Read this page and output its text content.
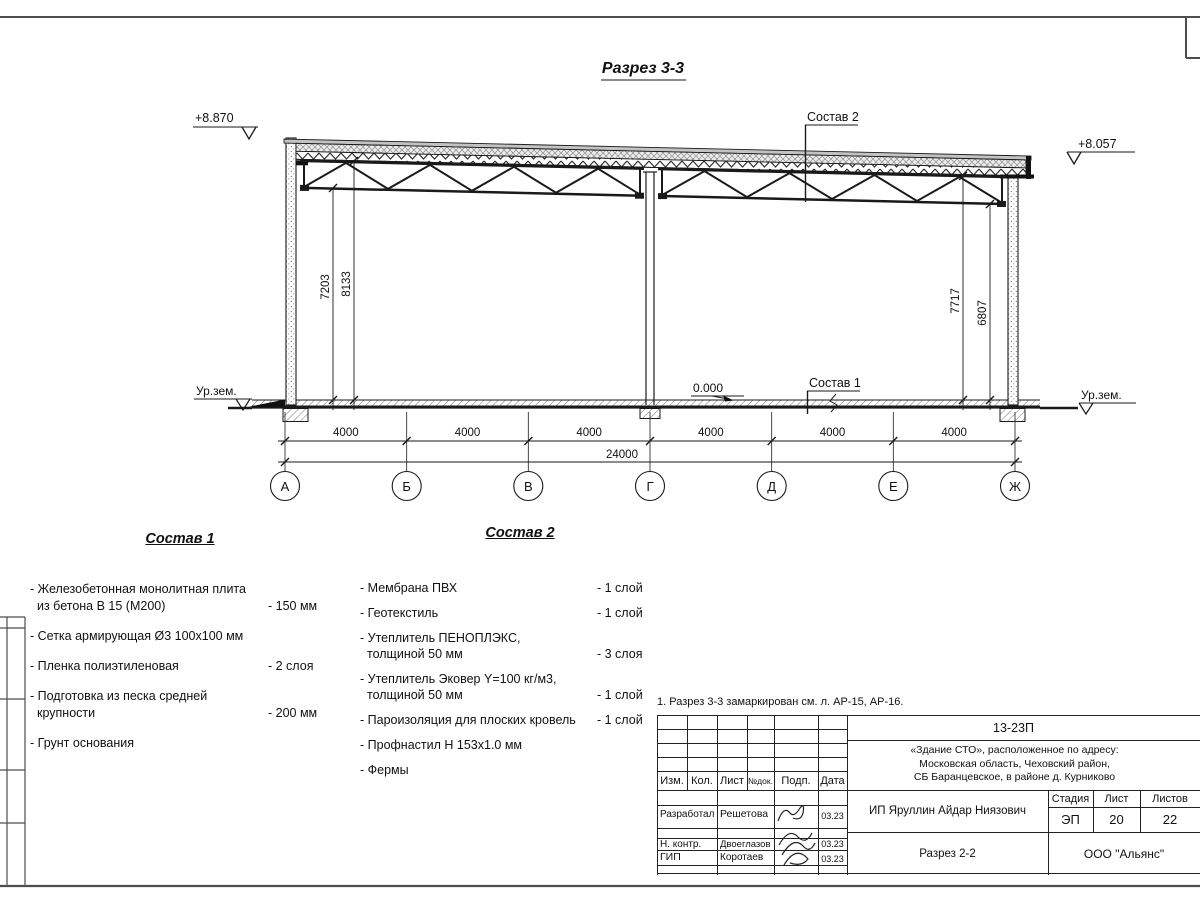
7203 8133
7717 6807
4000	4000	4000	4000	4000	4000
24000
А	Б	В	Г	Д	Е	Ж
+8.870
+8.057
0.000
Ур.зем.	Ур.зем.
Состав 2
Состав 1
Разрез 3-3
Состав 1
- Железобетонная монолитная плита
из бетона В 15 (М200)	- 150 мм
- Сетка армирующая Ø3 100х100 мм
- Пленка полиэтиленовая	- 2 слоя
- Подготовка из песка средней
крупности	- 200 мм
- Грунт основания
Состав 2
- Мембрана ПВХ	- 1 слой
- Геотекстиль	- 1 слой
- Утеплитель ПЕНОПЛЭКС,
толщиной 50 мм	- 3 слоя
- Утеплитель Эковер Y=100 кг/м3,
толщиной 50 мм	- 1 слой
- Пароизоляция для плоских кровель	- 1 слой
- Профнастил Н 153х1.0 мм
- Фермы
1. Разрез 3-3 замаркирован см. л. АР-15, АР-16.
Изм. Кол. Лист №док. Подп. Дата
Разработал Решетова	03.23
Н. контр.	Двоеглазов	03.23
ГИП	Коротаев	03.23
13-23П
«Здание СТО», расположенное по адресу:
Московская область, Чеховский район,
СБ Баранцевское, в районе д. Курниково
ИП Яруллин Айдар Ниязович
Стадия	Лист	Листов
ЭП	20	22
Разрез 2-2	ООО "Альянс"
